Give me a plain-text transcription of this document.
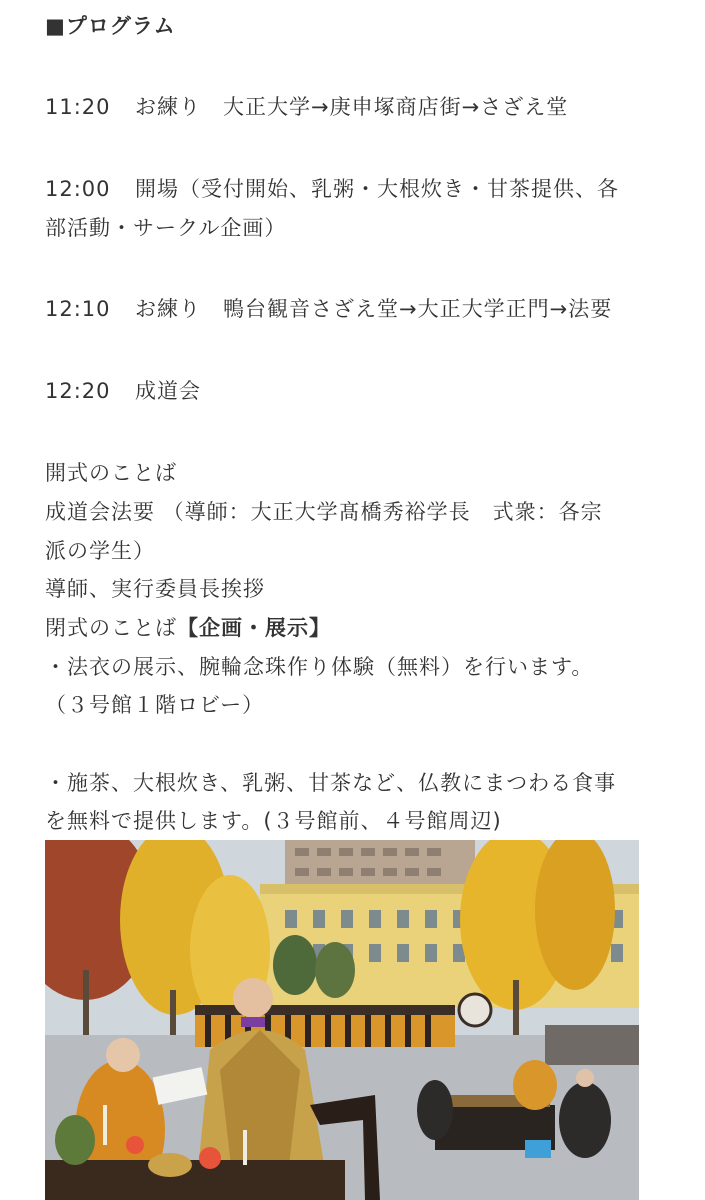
■プログラム
11:20 お練り　大正大学→庚申塚商店街→さざえ堂
12:00 開場（受付開始、乳粥・大根炊き・甘茶提供、各
部活動・サークル企画）
12:10 お練り　鴨台観音さざえ堂→大正大学正門→法要
12:20 成道会
開式のことば
成道会法要 （導師：大正大学髙橋秀裕学長　式衆：各宗
派の学生）
導師、実行委員長挨拶
閉式のことば【企画・展示】
・法衣の展示、腕輪念珠作り体験（無料）を行います。
（３号館１階ロビー）
・施茶、大根炊き、乳粥、甘茶など、仏教にまつわる食事
を無料で提供します。(３号館前、４号館周辺)
